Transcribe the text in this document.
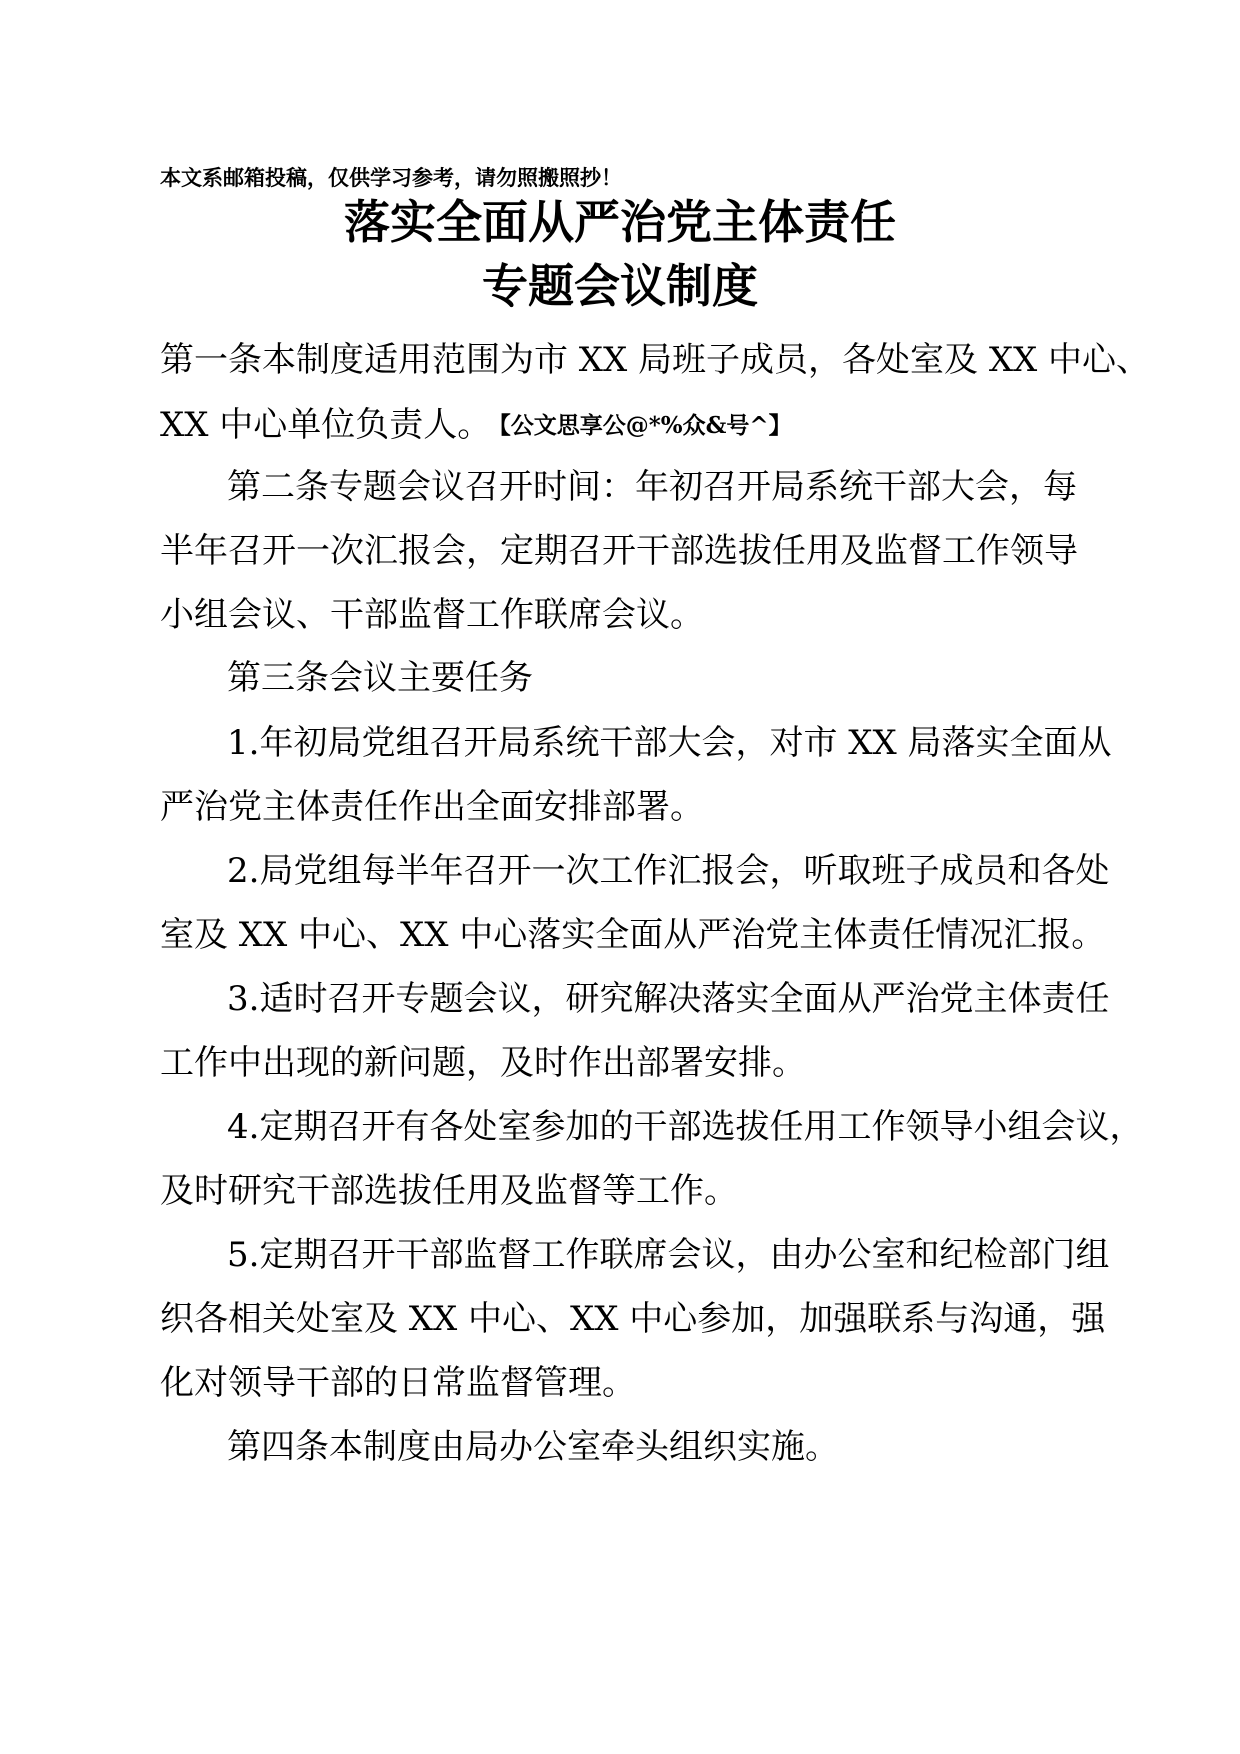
本文系邮箱投稿，仅供学习参考，请勿照搬照抄！
落实全面从严治党主体责任
专题会议制度
第一条本制度适用范围为市 XX 局班子成员，各处室及 XX 中心、
XX 中心单位负责人。 【公文思享公@*%众&号^】
第二条专题会议召开时间：年初召开局系统干部大会，每
半年召开一次汇报会，定期召开干部选拔任用及监督工作领导
小组会议、干部监督工作联席会议。
第三条会议主要任务
1.年初局党组召开局系统干部大会，对市 XX 局落实全面从
严治党主体责任作出全面安排部署。
2.局党组每半年召开一次工作汇报会，听取班子成员和各处
室及 XX 中心、XX 中心落实全面从严治党主体责任情况汇报。
3.适时召开专题会议，研究解决落实全面从严治党主体责任
工作中出现的新问题，及时作出部署安排。
4.定期召开有各处室参加的干部选拔任用工作领导小组会议，
及时研究干部选拔任用及监督等工作。
5.定期召开干部监督工作联席会议，由办公室和纪检部门组
织各相关处室及 XX 中心、XX 中心参加，加强联系与沟通，强
化对领导干部的日常监督管理。
第四条本制度由局办公室牵头组织实施。
